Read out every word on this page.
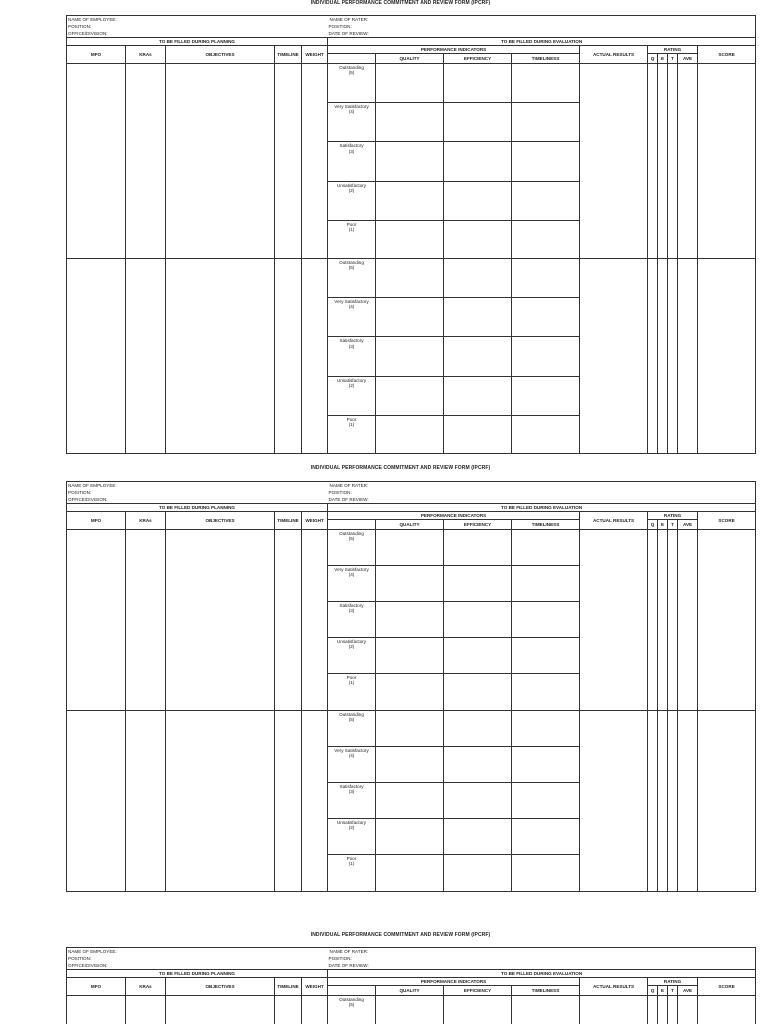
INDIVIDUAL PERFORMANCE COMMITMENT AND REVIEW FORM (IPCRF)
NAME OF EMPLOYEE:					NAME OF RATER:									
POSITION:					POSITION:									
OFFICE/DIVISION:					DATE OF REVIEW:									
TO BE FILLED DURING PLANNING					TO BE FILLED DURING EVALUATION									
MFO	KRAs	OBJECTIVES	TIMELINE	WEIGHT	PERFORMANCE INDICATORS				ACTUAL RESULTS	RATING				SCORE
						QUALITY	EFFICIENCY	TIMELINESS		Q	E	T	AVE	

					Outstanding
(5)									

					Very Satisfactory
(4)									

					Satisfactory
(3)									

					Unsatisfactory
(2)									

					Poor
(1)									

					Outstanding
(5)									

					Very Satisfactory
(4)									

					Satisfactory
(3)									

					Unsatisfactory
(2)									

					Poor
(1)									

INDIVIDUAL PERFORMANCE COMMITMENT AND REVIEW FORM (IPCRF)
NAME OF EMPLOYEE:					NAME OF RATER:									
POSITION:					POSITION:									
OFFICE/DIVISION:					DATE OF REVIEW:									
TO BE FILLED DURING PLANNING					TO BE FILLED DURING EVALUATION									
MFO	KRAs	OBJECTIVES	TIMELINE	WEIGHT	PERFORMANCE INDICATORS				ACTUAL RESULTS	RATING				SCORE
						QUALITY	EFFICIENCY	TIMELINESS		Q	E	T	AVE	

					Outstanding
(5)									

					Very Satisfactory
(4)									

					Satisfactory
(3)									

					Unsatisfactory
(2)									

					Poor
(1)									

					Outstanding
(5)									

					Very Satisfactory
(4)									

					Satisfactory
(3)									

					Unsatisfactory
(2)									

					Poor
(1)									

INDIVIDUAL PERFORMANCE COMMITMENT AND REVIEW FORM (IPCRF)
NAME OF EMPLOYEE:					NAME OF RATER:									
POSITION:					POSITION:									
OFFICE/DIVISION:					DATE OF REVIEW:									
TO BE FILLED DURING PLANNING					TO BE FILLED DURING EVALUATION									
MFO	KRAs	OBJECTIVES	TIMELINE	WEIGHT	PERFORMANCE INDICATORS				ACTUAL RESULTS	RATING				SCORE
						QUALITY	EFFICIENCY	TIMELINESS		Q	E	T	AVE	

					Outstanding
(5)									
